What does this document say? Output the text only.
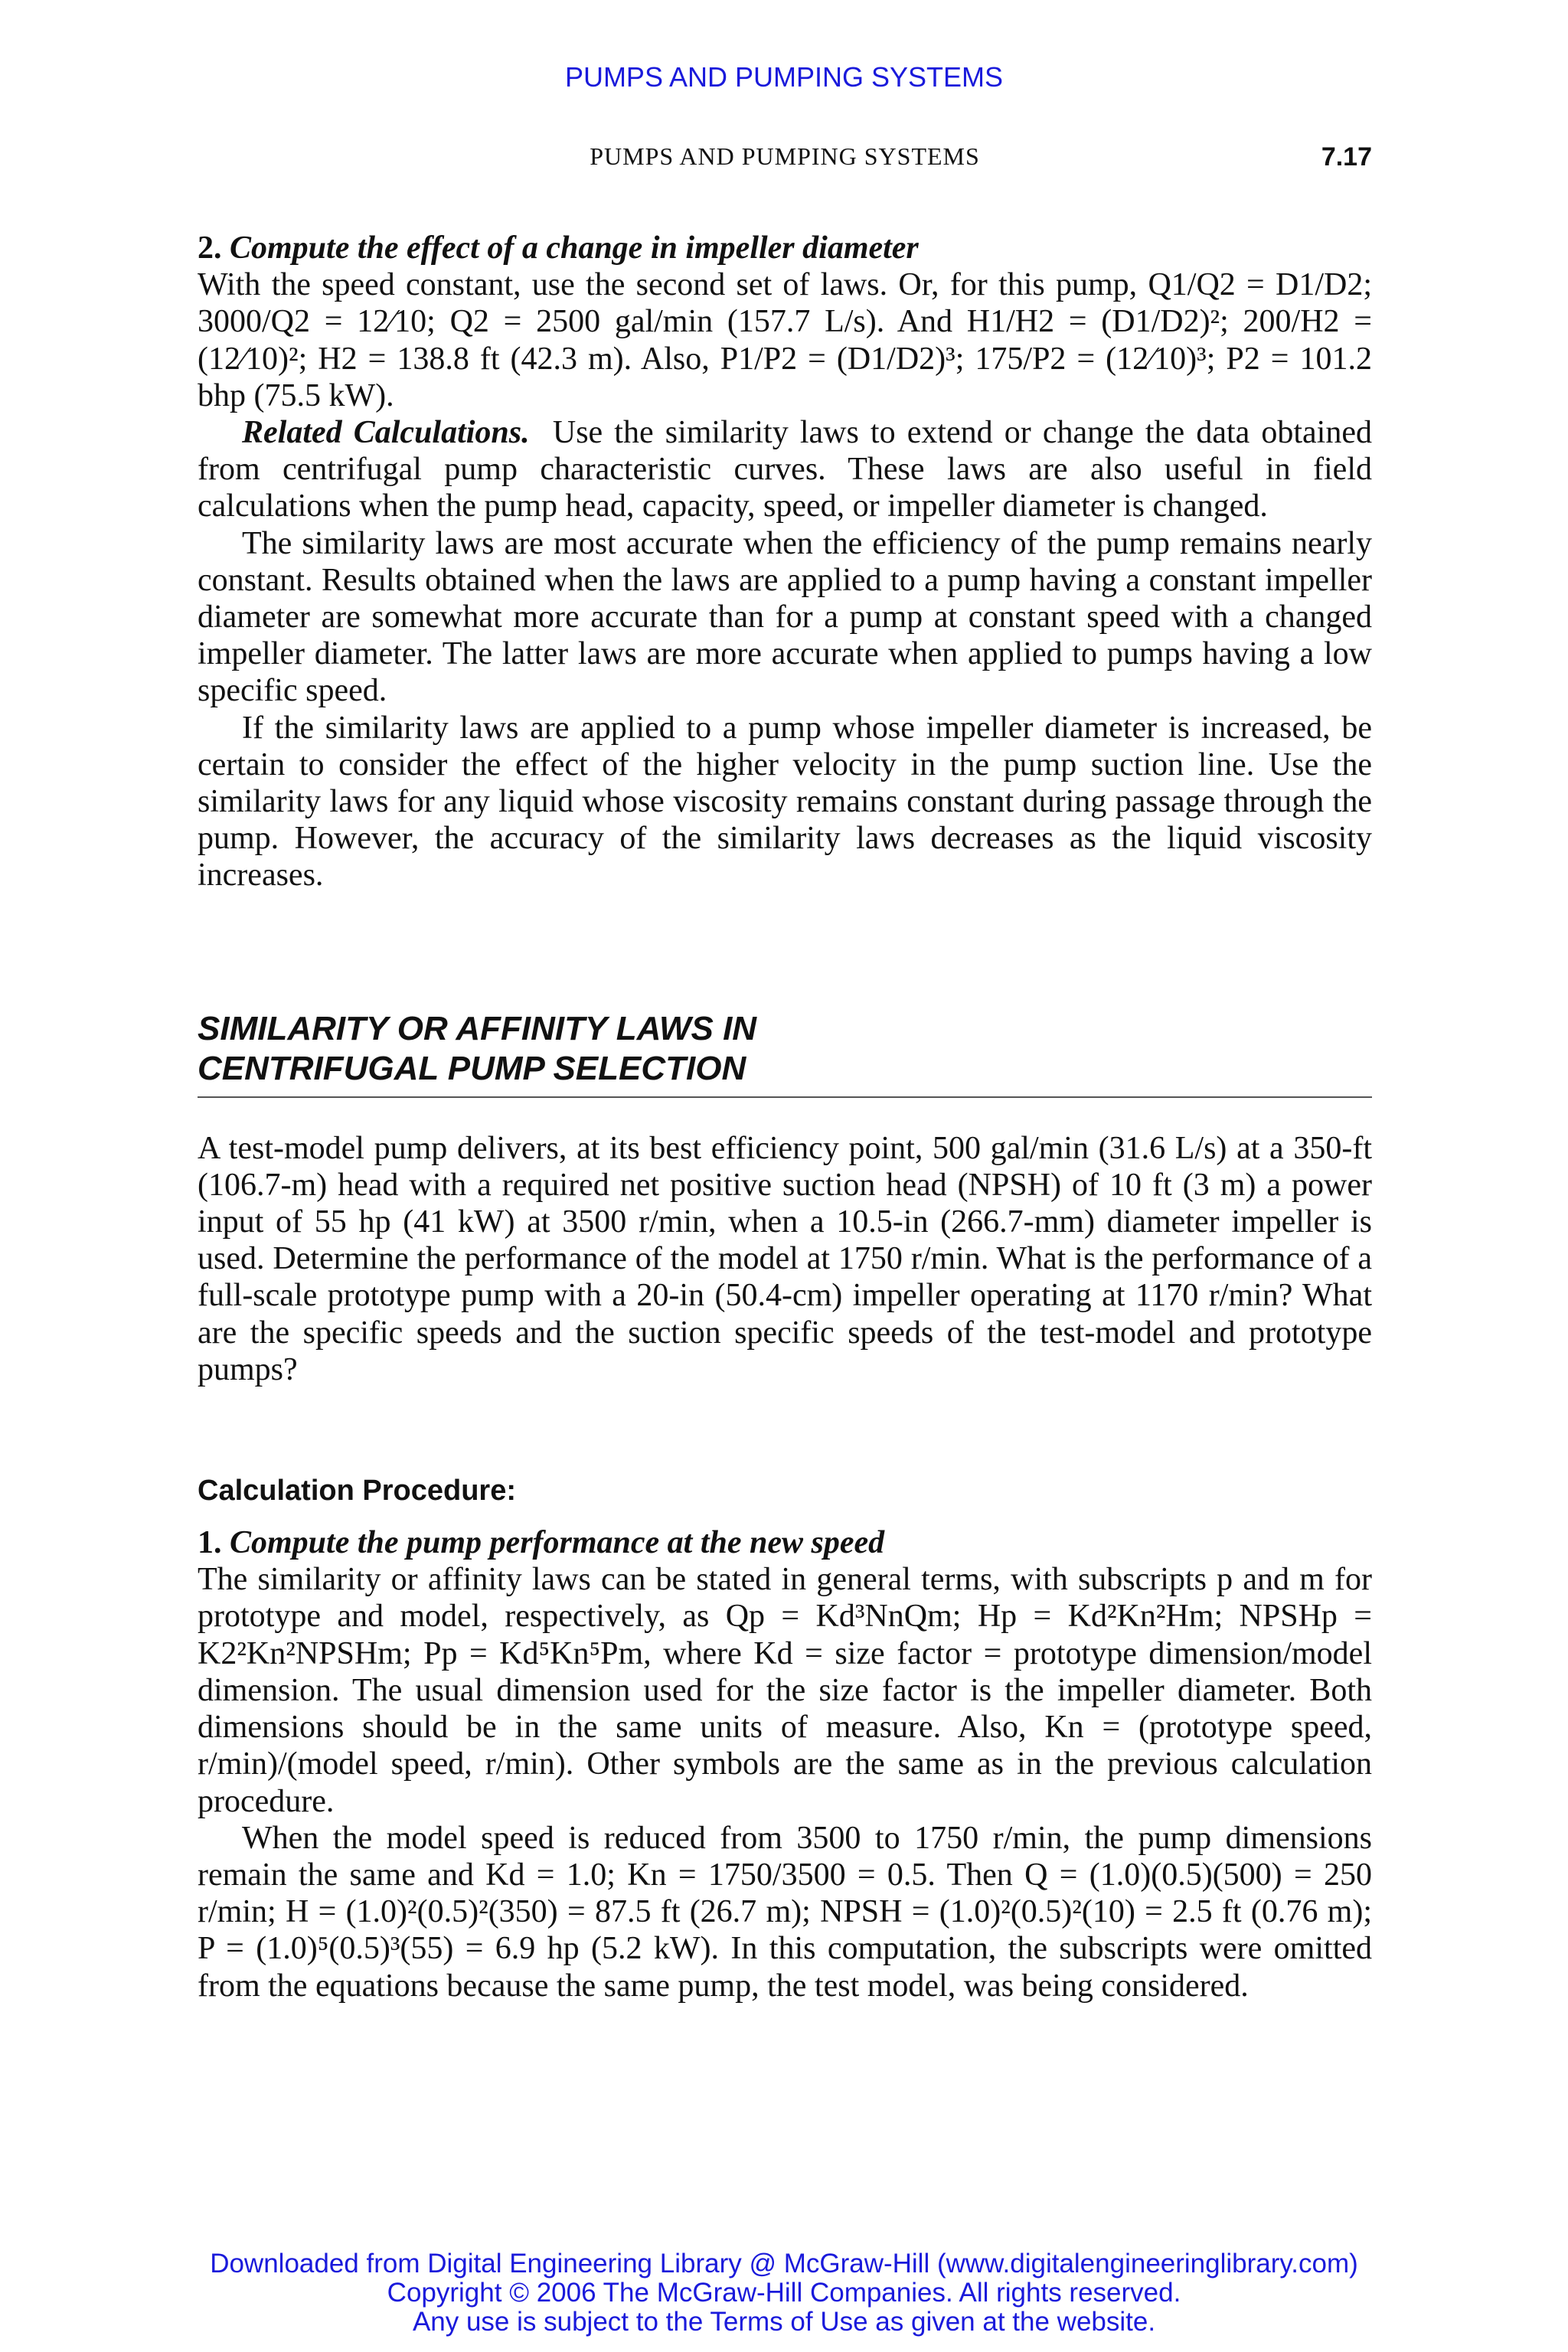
PUMPS AND PUMPING SYSTEMS
PUMPS AND PUMPING SYSTEMS	7.17
2. Compute the effect of a change in impeller diameter

With the speed constant, use the second set of laws. Or, for this pump, Q1/Q2 = D1/D2; 3000/Q2 = 12⁄10; Q2 = 2500 gal/min (157.7 L/s). And H1/H2 = (D1/D2)²; 200/H2 = (12⁄10)²; H2 = 138.8 ft (42.3 m). Also, P1/P2 = (D1/D2)³; 175/P2 = (12⁄10)³; P2 = 101.2 bhp (75.5 kW).

Related Calculations. Use the similarity laws to extend or change the data obtained from centrifugal pump characteristic curves. These laws are also useful in field calculations when the pump head, capacity, speed, or impeller diameter is changed.

The similarity laws are most accurate when the efficiency of the pump remains nearly constant. Results obtained when the laws are applied to a pump having a constant impeller diameter are somewhat more accurate than for a pump at constant speed with a changed impeller diameter. The latter laws are more accurate when applied to pumps having a low specific speed.

If the similarity laws are applied to a pump whose impeller diameter is increased, be certain to consider the effect of the higher velocity in the pump suction line. Use the similarity laws for any liquid whose viscosity remains constant during passage through the pump. However, the accuracy of the similarity laws decreases as the liquid viscosity increases.

SIMILARITY OR AFFINITY LAWS IN
CENTRIFUGAL PUMP SELECTION

A test-model pump delivers, at its best efficiency point, 500 gal/min (31.6 L/s) at a 350-ft (106.7-m) head with a required net positive suction head (NPSH) of 10 ft (3 m) a power input of 55 hp (41 kW) at 3500 r/min, when a 10.5-in (266.7-mm) diameter impeller is used. Determine the performance of the model at 1750 r/min. What is the performance of a full-scale prototype pump with a 20-in (50.4-cm) impeller operating at 1170 r/min? What are the specific speeds and the suction specific speeds of the test-model and prototype pumps?

Calculation Procedure:
1. Compute the pump performance at the new speed

The similarity or affinity laws can be stated in general terms, with subscripts p and m for prototype and model, respectively, as Qp = Kd³NnQm; Hp = Kd²Kn²Hm; NPSHp = K2²Kn²NPSHm; Pp = Kd⁵Kn⁵Pm, where Kd = size factor = prototype dimension/model dimension. The usual dimension used for the size factor is the impeller diameter. Both dimensions should be in the same units of measure. Also, Kn = (prototype speed, r/min)/(model speed, r/min). Other symbols are the same as in the previous calculation procedure.

When the model speed is reduced from 3500 to 1750 r/min, the pump dimensions remain the same and Kd = 1.0; Kn = 1750/3500 = 0.5. Then Q = (1.0)(0.5)(500) = 250 r/min; H = (1.0)²(0.5)²(350) = 87.5 ft (26.7 m); NPSH = (1.0)²(0.5)²(10) = 2.5 ft (0.76 m); P = (1.0)⁵(0.5)³(55) = 6.9 hp (5.2 kW). In this computation, the subscripts were omitted from the equations because the same pump, the test model, was being considered.

Downloaded from Digital Engineering Library @ McGraw-Hill (www.digitalengineeringlibrary.com)
Copyright © 2006 The McGraw-Hill Companies. All rights reserved.
Any use is subject to the Terms of Use as given at the website.
